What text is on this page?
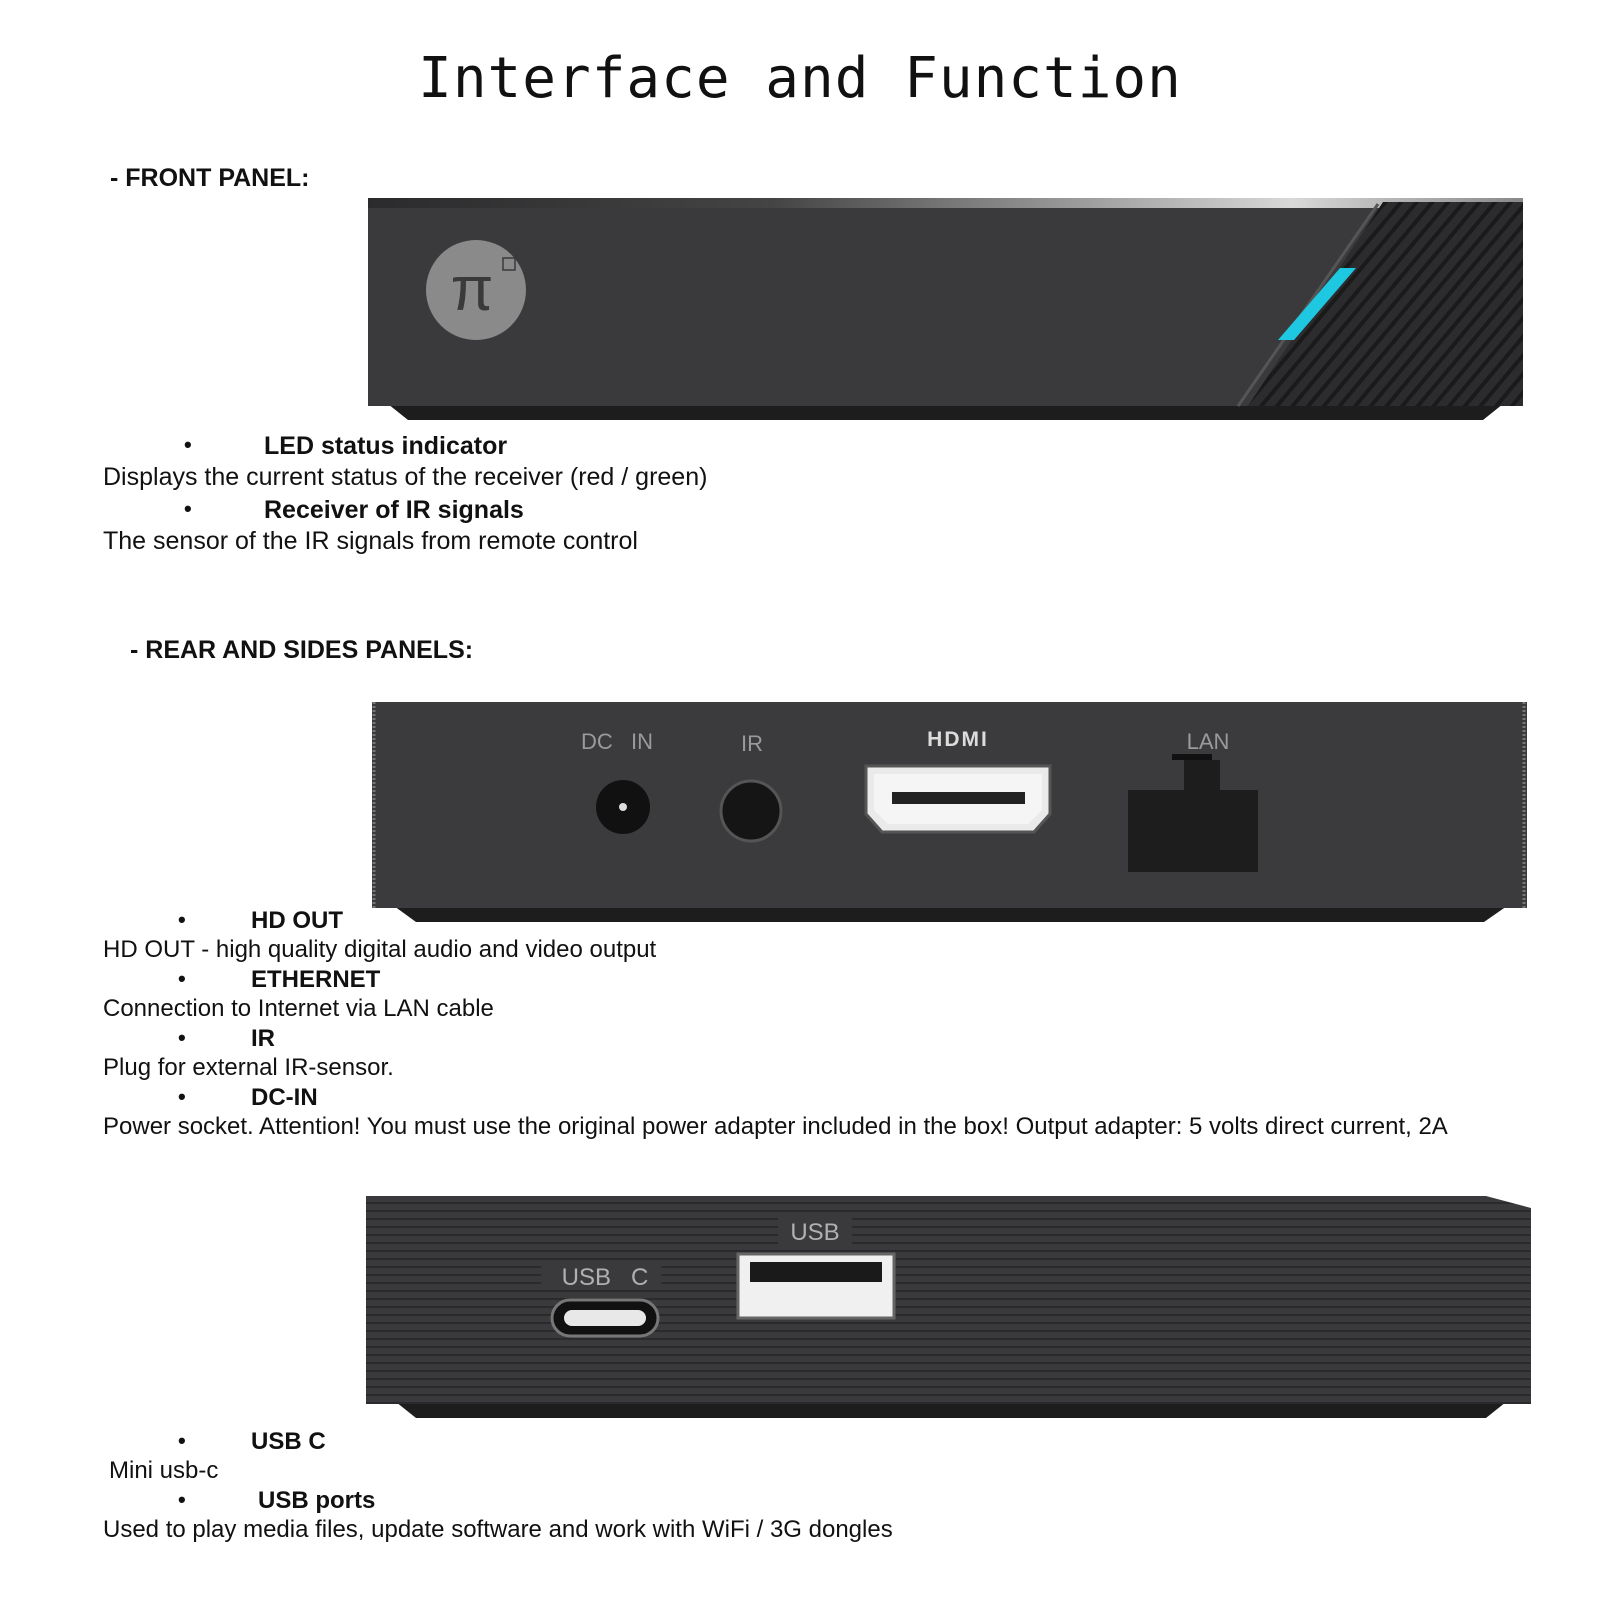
Interface and Function
- FRONT PANEL:
π
•	LED status indicator
Displays the current status of the receiver (red / green)
•	Receiver of IR signals
The sensor of the IR signals from remote control
- REAR AND SIDES PANELS:
DC   IN	IR	HDMI	LAN
•	HD OUT
HD OUT - high quality digital audio and video output
•	ETHERNET
Connection to Internet via LAN cable
•	IR
Plug for external IR-sensor.
•	DC-IN
Power socket. Attention! You must use the original power adapter included in the box! Output adapter: 5 volts direct current, 2A
USB   C
USB
•	USB C
Mini usb-c
•	USB ports
Used to play media files, update software and work with WiFi / 3G dongles
